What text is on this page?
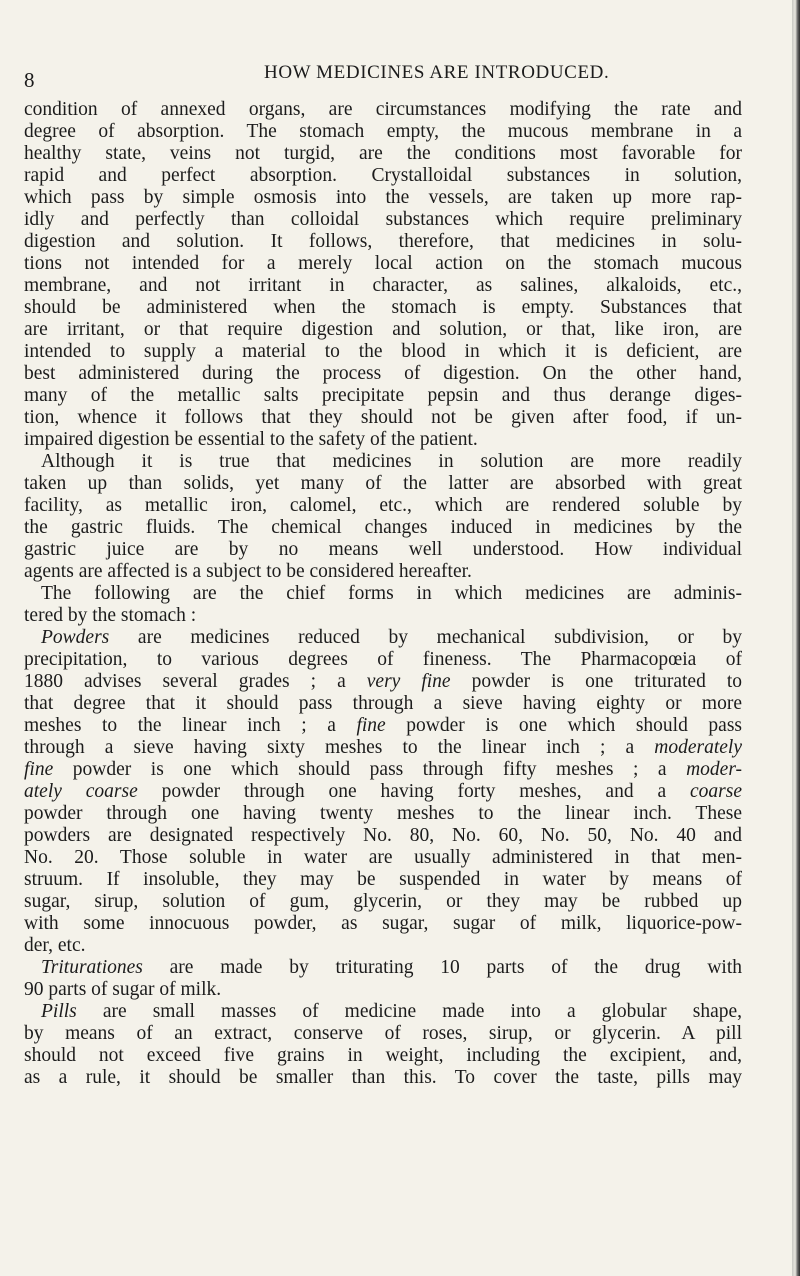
8	HOW MEDICINES ARE INTRODUCED.
condition of annexed organs, are circumstances modifying the rate and
degree of absorption. The stomach empty, the mucous membrane in a
healthy state, veins not turgid, are the conditions most favorable for
rapid and perfect absorption. Crystalloidal substances in solution,
which pass by simple osmosis into the vessels, are taken up more rap-
idly and perfectly than colloidal substances which require preliminary
digestion and solution. It follows, therefore, that medicines in solu-
tions not intended for a merely local action on the stomach mucous
membrane, and not irritant in character, as salines, alkaloids, etc.,
should be administered when the stomach is empty. Substances that
are irritant, or that require digestion and solution, or that, like iron, are
intended to supply a material to the blood in which it is deficient, are
best administered during the process of digestion. On the other hand,
many of the metallic salts precipitate pepsin and thus derange diges-
tion, whence it follows that they should not be given after food, if un-
impaired digestion be essential to the safety of the patient.
Although it is true that medicines in solution are more readily
taken up than solids, yet many of the latter are absorbed with great
facility, as metallic iron, calomel, etc., which are rendered soluble by
the gastric fluids. The chemical changes induced in medicines by the
gastric juice are by no means well understood. How individual
agents are affected is a subject to be considered hereafter.
The following are the chief forms in which medicines are adminis-
tered by the stomach :
Powders are medicines reduced by mechanical subdivision, or by
precipitation, to various degrees of fineness. The Pharmacopœia of
1880 advises several grades ; a very fine powder is one triturated to
that degree that it should pass through a sieve having eighty or more
meshes to the linear inch ; a fine powder is one which should pass
through a sieve having sixty meshes to the linear inch ; a moderately
fine powder is one which should pass through fifty meshes ; a moder-
ately coarse powder through one having forty meshes, and a coarse
powder through one having twenty meshes to the linear inch. These
powders are designated respectively No. 80, No. 60, No. 50, No. 40 and
No. 20. Those soluble in water are usually administered in that men-
struum. If insoluble, they may be suspended in water by means of
sugar, sirup, solution of gum, glycerin, or they may be rubbed up
with some innocuous powder, as sugar, sugar of milk, liquorice-pow-
der, etc.
Triturationes are made by triturating 10 parts of the drug with
90 parts of sugar of milk.
Pills are small masses of medicine made into a globular shape,
by means of an extract, conserve of roses, sirup, or glycerin. A pill
should not exceed five grains in weight, including the excipient, and,
as a rule, it should be smaller than this. To cover the taste, pills may
